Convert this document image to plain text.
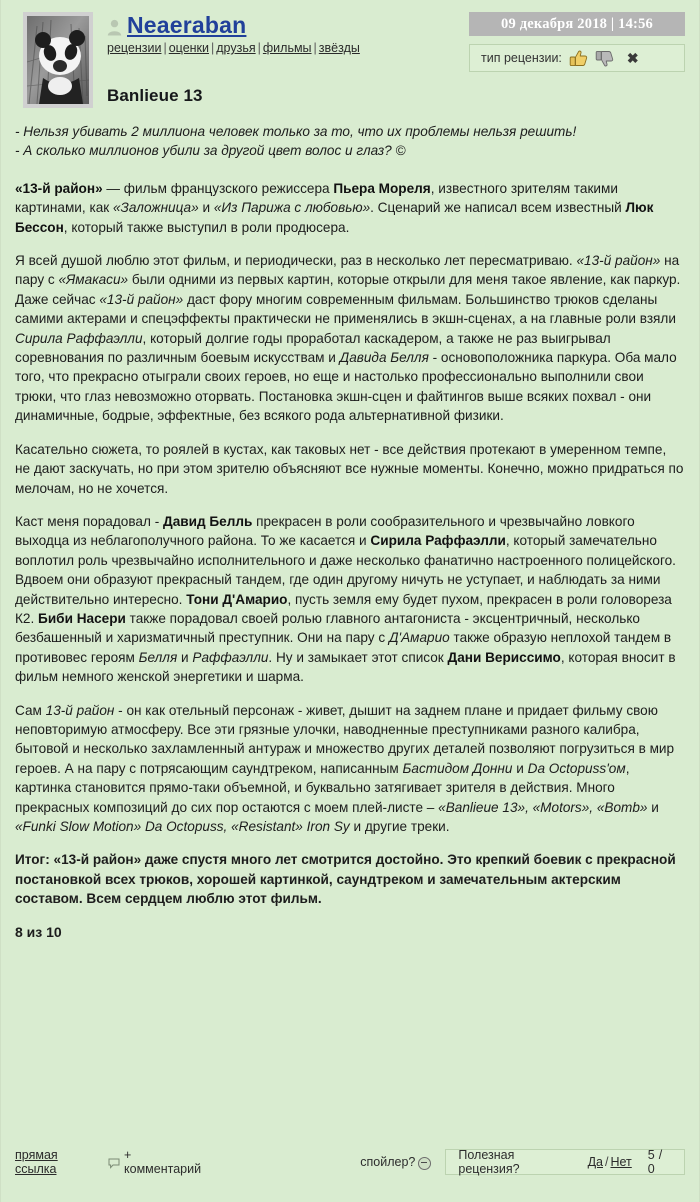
Neaeraban
рецензии | оценки | друзья | фильмы | звёзды
Banlieue 13
09 декабря 2018 | 14:56
тип рецензии:	✖

- Нельзя убивать 2 миллиона человек только за то, что их проблемы нельзя решить!
- А сколько миллионов убили за другой цвет волос и глаз? ©

«13-й район» — фильм французского режиссера Пьера Мореля, известного зрителям такими картинами, как «Заложница» и «Из Парижа с любовью». Сценарий же написал всем известный Люк Бессон, который также выступил в роли продюсера.

Я всей душой люблю этот фильм, и периодически, раз в несколько лет пересматриваю. «13-й район» на пару с «Ямакаси» были одними из первых картин, которые открыли для меня такое явление, как паркур. Даже сейчас «13-й район» даст фору многим современным фильмам. Большинство трюков сделаны самими актерами и спецэффекты практически не применялись в экшн-сценах, а на главные роли взяли Сирила Раффаэлли, который долгие годы проработал каскадером, а также не раз выигрывал соревнования по различным боевым искусствам и Давида Белля - основоположника паркура. Оба мало того, что прекрасно отыграли своих героев, но еще и настолько профессионально выполнили свои трюки, что глаз невозможно оторвать. Постановка экшн-сцен и файтингов выше всяких похвал - они динамичные, бодрые, эффектные, без всякого рода альтернативной физики.

Касательно сюжета, то роялей в кустах, как таковых нет - все действия протекают в умеренном темпе, не дают заскучать, но при этом зрителю объясняют все нужные моменты. Конечно, можно придраться по мелочам, но не хочется.

Каст меня порадовал - Давид Белль прекрасен в роли сообразительного и чрезвычайно ловкого выходца из неблагополучного района. То же касается и Сирила Раффаэлли, который замечательно воплотил роль чрезвычайно исполнительного и даже несколько фанатично настроенного полицейского. Вдвоем они образуют прекрасный тандем, где один другому ничуть не уступает, и наблюдать за ними действительно интересно. Тони Д'Амарио, пусть земля ему будет пухом, прекрасен в роли головореза К2. Биби Насери также порадовал своей ролью главного антагониста - эксцентричный, несколько безбашенный и харизматичный преступник. Они на пару с Д'Амарио также образую неплохой тандем в противовес героям Белля и Раффаэлли. Ну и замыкает этот список Дани Вериссимо, которая вносит в фильм немного женской энергетики и шарма.

Сам 13-й район - он как отельный персонаж - живет, дышит на заднем плане и придает фильму свою неповторимую атмосферу. Все эти грязные улочки, наводненные преступниками разного калибра, бытовой и несколько захламленный антураж и множество других деталей позволяют погрузиться в мир героев. А на пару с потрясающим саундтреком, написанным Бастидом Донни и Da Octopuss'ом, картинка становится прямо-таки объемной, и буквально затягивает зрителя в действия. Много прекрасных композиций до сих пор остаются с моем плей-листе – «Banlieue 13», «Motors», «Bomb» и «Funki Slow Motion» Da Octopuss, «Resistant» Iron Sy и другие треки.

Итог: «13-й район» даже спустя много лет смотрится достойно. Это крепкий боевик с прекрасной постановкой всех трюков, хорошей картинкой, саундтреком и замечательным актерским составом. Всем сердцем люблю этот фильм.

8 из 10

прямая ссылка
+ комментарий	спойлер?	Полезная рецензия?	Да / Нет 5 / 0
